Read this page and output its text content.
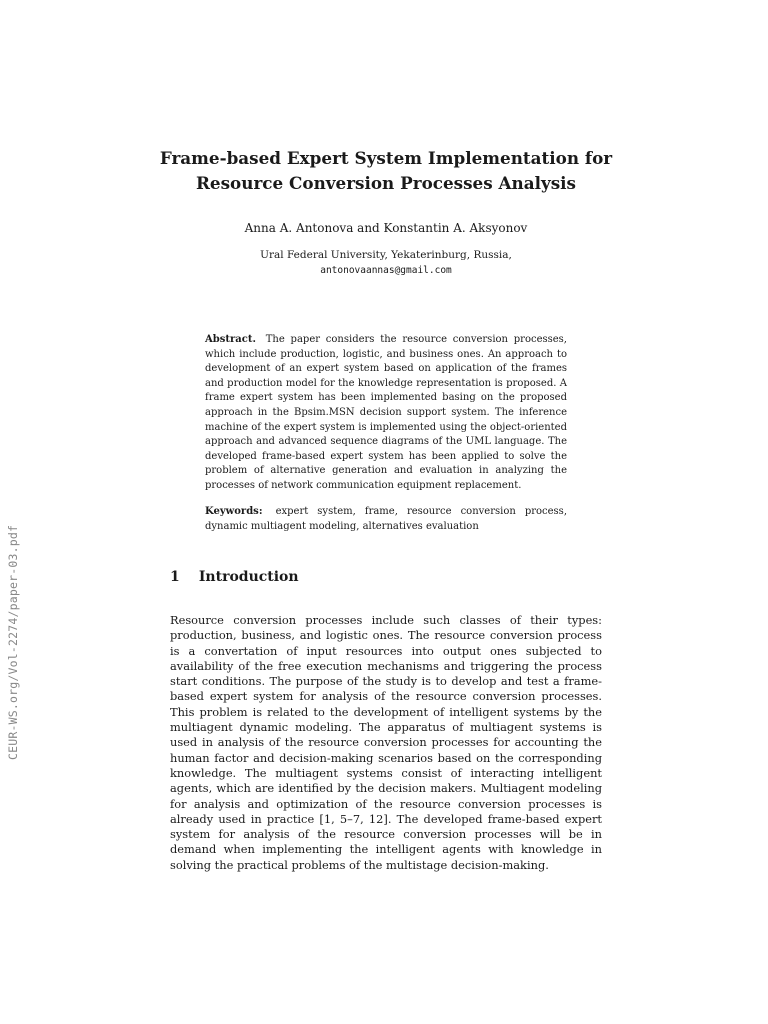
CEUR-WS.org/Vol-2274/paper-03.pdf
Frame-based Expert System Implementation for
Resource Conversion Processes Analysis
Anna A. Antonova and Konstantin A. Aksyonov
Ural Federal University, Yekaterinburg, Russia,
antonovaannas@gmail.com
Abstract. The paper considers the resource conversion processes, which include production, logistic, and business ones. An approach to development of an expert system based on application of the frames and production model for the knowledge representation is proposed. A frame expert system has been implemented basing on the proposed approach in the Bpsim.MSN decision support system. The inference machine of the expert system is implemented using the object-oriented approach and advanced sequence diagrams of the UML language. The developed frame-based expert system has been applied to solve the problem of alternative generation and evaluation in analyzing the processes of network communication equipment replacement.
Keywords: expert system, frame, resource conversion process, dynamic multiagent modeling, alternatives evaluation
1 Introduction
Resource conversion processes include such classes of their types: production, business, and logistic ones. The resource conversion process is a convertation of input resources into output ones subjected to availability of the free execution mechanisms and triggering the process start conditions. The purpose of the study is to develop and test a frame-based expert system for analysis of the resource conversion processes. This problem is related to the development of intelligent systems by the multiagent dynamic modeling. The apparatus of multiagent systems is used in analysis of the resource conversion processes for accounting the human factor and decision-making scenarios based on the corresponding knowledge. The multiagent systems consist of interacting intelligent agents, which are identified by the decision makers. Multiagent modeling for analysis and optimization of the resource conversion processes is already used in practice [1, 5–7, 12]. The developed frame-based expert system for analysis of the resource conversion processes will be in demand when implementing the intelligent agents with knowledge in solving the practical problems of the multistage decision-making.
